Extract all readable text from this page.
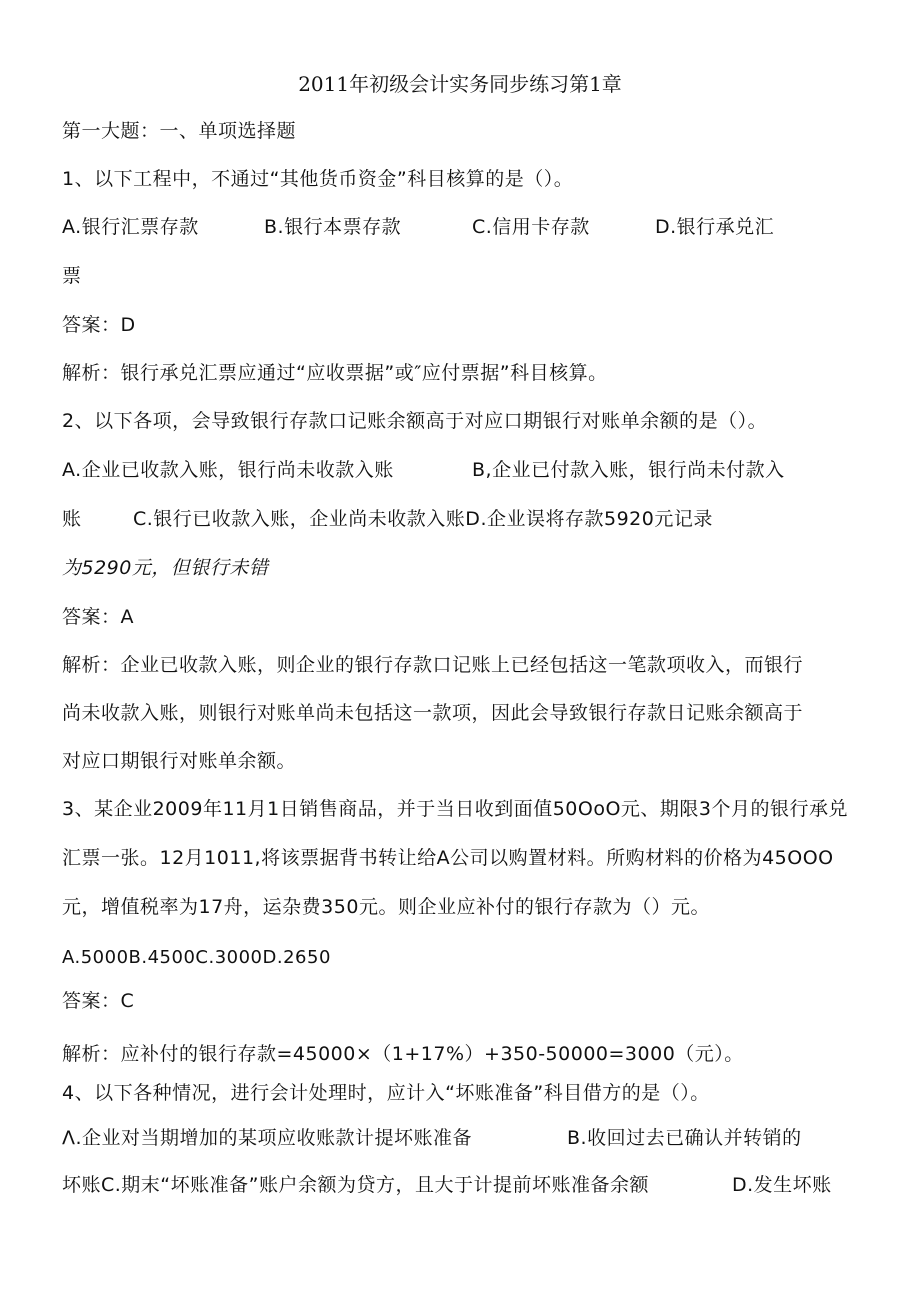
2011年初级会计实务同步练习第1章
第一大题：一、单项选择题
1、以下工程中，不通过“其他货币资金”科目核算的是（）。
A.银行汇票存款	B.银行本票存款	C.信用卡存款	D.银行承兑汇
票
答案：D
解析：银行承兑汇票应通过“应收票据”或″应付票据”科目核算。
2、以下各项，会导致银行存款口记账余额高于对应口期银行对账单余额的是（）。
A.企业已收款入账，银行尚未收款入账	B,企业已付款入账，银行尚未付款入
账	C.银行已收款入账，企业尚未收款入账D.企业误将存款5920元记录
为5290元，但银行未错
答案：A
解析：企业已收款入账，则企业的银行存款口记账上已经包括这一笔款项收入，而银行
尚未收款入账，则银行对账单尚未包括这一款项，因此会导致银行存款日记账余额高于
对应口期银行对账单余额。
3、某企业2009年11月1日销售商品，并于当日收到面值50OoO元、期限3个月的银行承兑
汇票一张。12月1011,将该票据背书转让给A公司以购置材料。所购材料的价格为45OOO
元，增值税率为17舟，运杂费350元。则企业应补付的银行存款为（）元。
A.5000B.4500C.3000D.2650
答案：C
解析：应补付的银行存款=45000×（1+17%）+350-50000=3000（元）。
4、以下各种情况，进行会计处理时，应计入“坏账准备”科目借方的是（）。
Λ.企业对当期增加的某项应收账款计提坏账准备	B.收回过去已确认并转销的
坏账C.期末“坏账准备”账户余额为贷方，且大于计提前坏账准备余额	D.发生坏账
